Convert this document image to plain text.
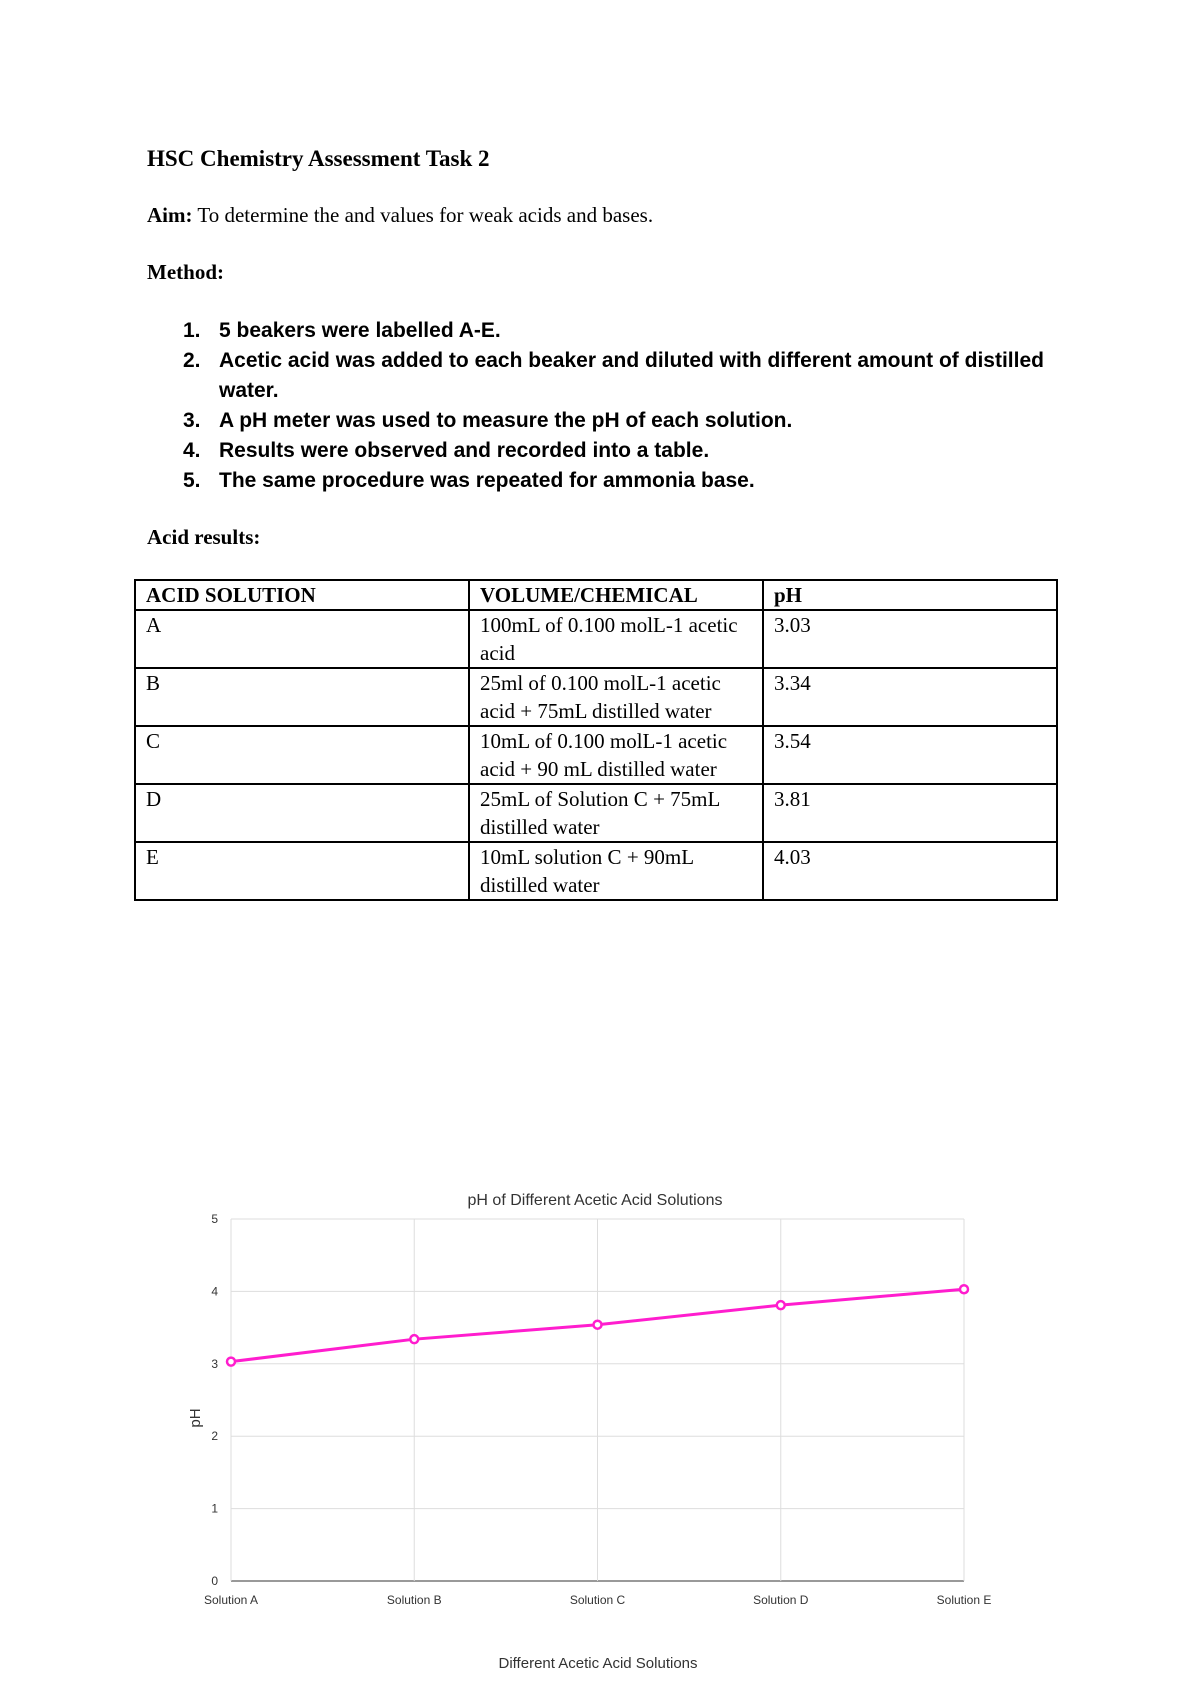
HSC Chemistry Assessment Task 2
Aim: To determine the and values for weak acids and bases.
Method:
1. 5 beakers were labelled A-E.
2. Acetic acid was added to each beaker and diluted with different amount of distilled water.
3. A pH meter was used to measure the pH of each solution.
4. Results were observed and recorded into a table.
5. The same procedure was repeated for ammonia base.
Acid results:
ACID SOLUTION	VOLUME/CHEMICAL	pH
A	100mL of 0.100 molL-1 acetic acid	3.03
B	25ml of 0.100 molL-1 acetic acid + 75mL distilled water	3.34
C	10mL of 0.100 molL-1 acetic acid + 90 mL distilled water	3.54
D	25mL of Solution C + 75mL distilled water	3.81
E	10mL solution C + 90mL distilled water	4.03
pH of Different Acetic Acid Solutions
Different Acetic Acid Solutions
pH
0
1
2
3
4
5
Solution A	Solution B	Solution C	Solution D	Solution E
